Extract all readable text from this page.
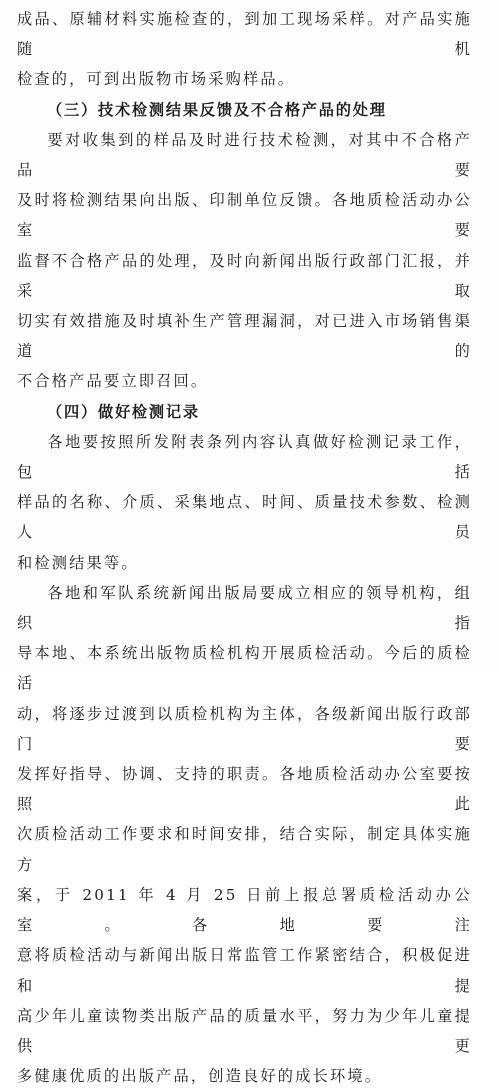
成品、原辅材料实施检查的，到加工现场采样。对产品实施随机

检查的，可到出版物市场采购样品。

（三）技术检测结果反馈及不合格产品的处理

要对收集到的样品及时进行技术检测，对其中不合格产品要

及时将检测结果向出版、印制单位反馈。各地质检活动办公室要

监督不合格产品的处理，及时向新闻出版行政部门汇报，并采取

切实有效措施及时填补生产管理漏洞，对已进入市场销售渠道的

不合格产品要立即召回。

（四）做好检测记录

各地要按照所发附表条列内容认真做好检测记录工作，包括

样品的名称、介质、采集地点、时间、质量技术参数、检测人员

和检测结果等。

各地和军队系统新闻出版局要成立相应的领导机构，组织指

导本地、本系统出版物质检机构开展质检活动。今后的质检活

动，将逐步过渡到以质检机构为主体，各级新闻出版行政部门要

发挥好指导、协调、支持的职责。各地质检活动办公室要按照此

次质检活动工作要求和时间安排，结合实际，制定具体实施方

案，于 2011 年 4 月 25 日前上报总署质检活动办公室。各地要注

意将质检活动与新闻出版日常监管工作紧密结合，积极促进和提

高少年儿童读物类出版产品的质量水平，努力为少年儿童提供更

多健康优质的出版产品，创造良好的成长环境。
